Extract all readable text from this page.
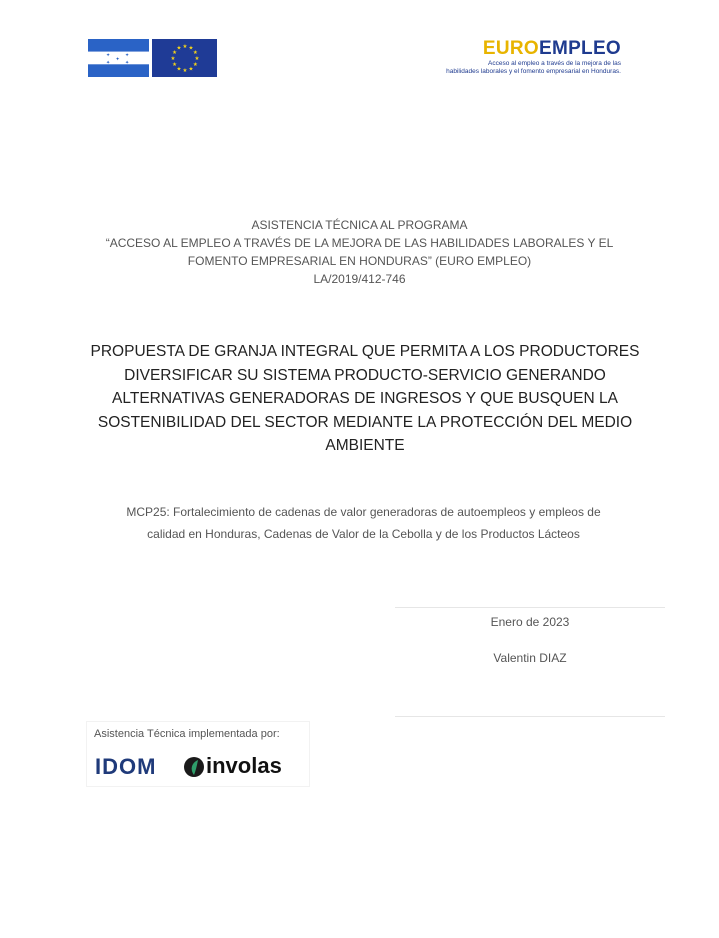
✦	✦
✦
✦	✦
★ ★
★
★
★
★
★
★
★
★
★
★	EUROEMPLEO
Acceso al empleo a través de la mejora de las
habilidades laborales y el fomento empresarial en Honduras.
ASISTENCIA TÉCNICA AL PROGRAMA
“ACCESO AL EMPLEO A TRAVÉS DE LA MEJORA DE LAS HABILIDADES LABORALES Y EL
FOMENTO EMPRESARIAL EN HONDURAS” (EURO EMPLEO)
LA/2019/412-746
PROPUESTA DE GRANJA INTEGRAL QUE PERMITA A LOS PRODUCTORES
DIVERSIFICAR SU SISTEMA PRODUCTO-SERVICIO GENERANDO
ALTERNATIVAS GENERADORAS DE INGRESOS Y QUE BUSQUEN LA
SOSTENIBILIDAD DEL SECTOR MEDIANTE LA PROTECCIÓN DEL MEDIO
AMBIENTE
MCP25: Fortalecimiento de cadenas de valor generadoras de autoempleos y empleos de
calidad en Honduras, Cadenas de Valor de la Cebolla y de los Productos Lácteos
Enero de 2023
Valentin DIAZ
Asistencia Técnica implementada por:
IDOM involas
